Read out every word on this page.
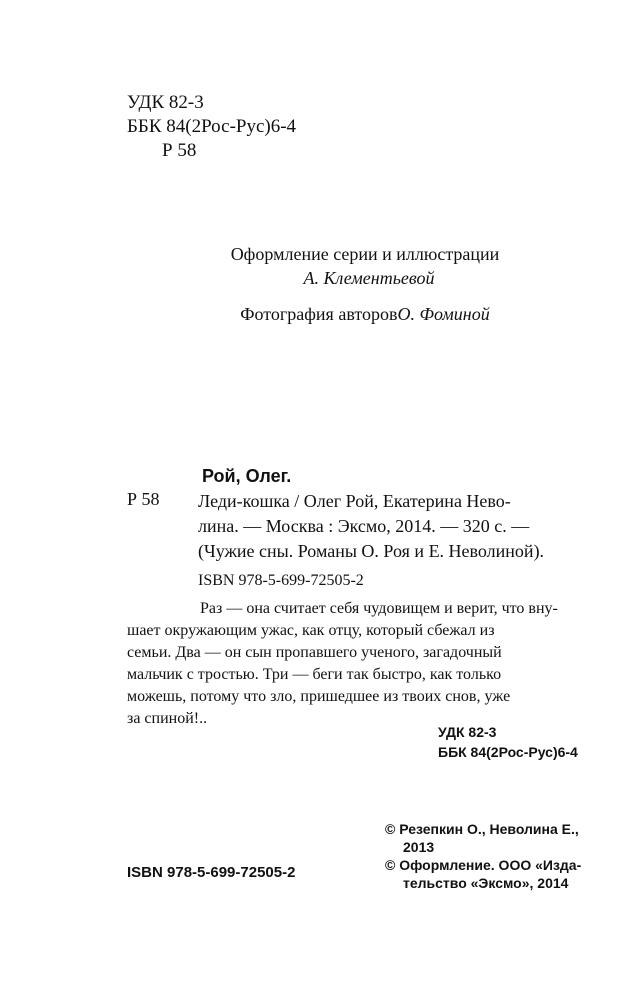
УДК 82-3
ББК 84(2Рос-Рус)6-4
Р 58
Оформление серии и иллюстрации
А. Клементьевой
Фотография авторовО. Фоминой
Рой, Олег.
Р 58 Леди-кошка / Олег Рой, Екатерина Нево-
лина. — Москва : Эксмо, 2014. — 320 с. —
(Чужие сны. Романы О. Роя и Е. Неволиной).
ISBN 978-5-699-72505-2
Раз — она считает себя чудовищем и верит, что вну-
шает окружающим ужас, как отцу, который сбежал из
семьи. Два — он сын пропавшего ученого, загадочный
мальчик с тростью. Три — беги так быстро, как только
можешь, потому что зло, пришедшее из твоих снов, уже
за спиной!..
УДК 82-3
ББК 84(2Рос-Рус)6-4
ISBN 978-5-699-72505-2
© Резепкин О., Неволина Е.,
2013
© Оформление. ООО «Изда-
тельство «Эксмо», 2014
